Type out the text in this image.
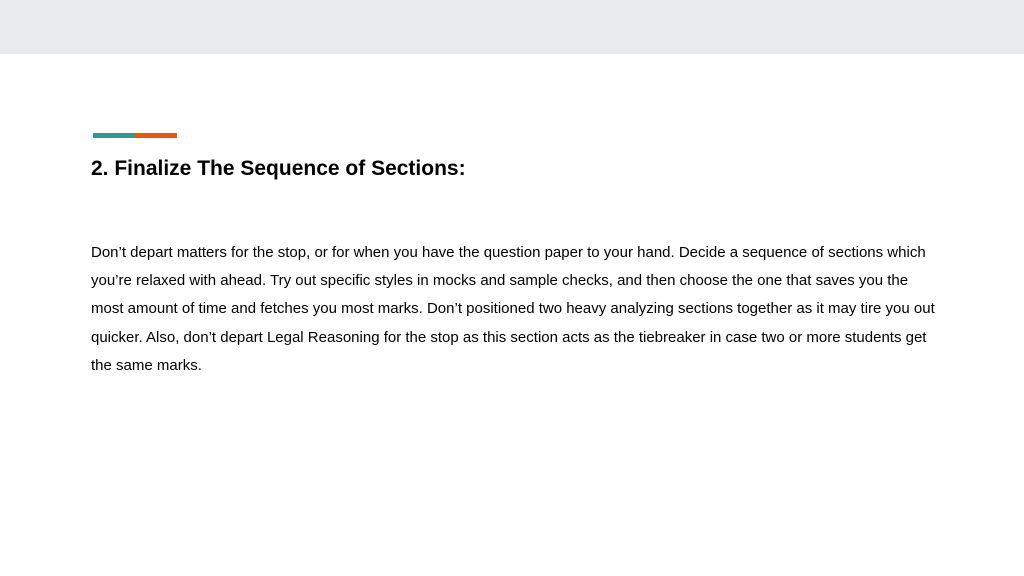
2. Finalize The Sequence of Sections:

Don’t depart matters for the stop, or for when you have the question paper to your hand. Decide a sequence of sections which you’re relaxed with ahead. Try out specific styles in mocks and sample checks, and then choose the one that saves you the most amount of time and fetches you most marks. Don’t positioned two heavy analyzing sections together as it may tire you out quicker. Also, don’t depart Legal Reasoning for the stop as this section acts as the tiebreaker in case two or more students get the same marks.
